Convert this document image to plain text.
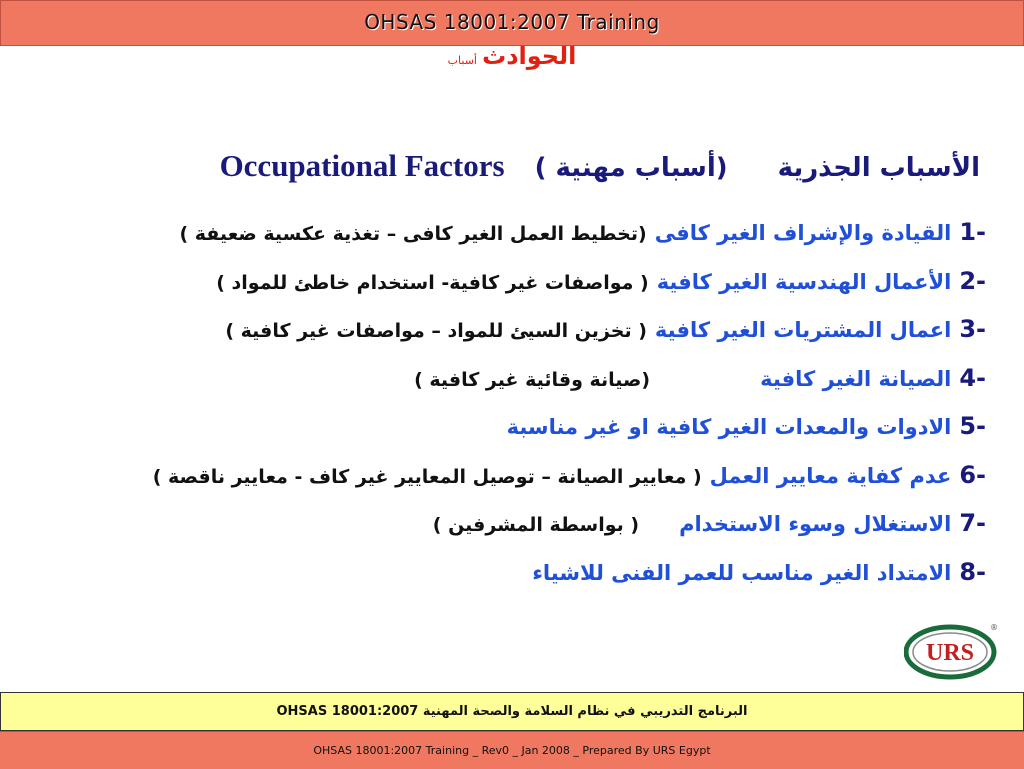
OHSAS 18001:2007 Training
الحوادث أسباب
الأسباب الجذرية
(أسباب مهنية )
Occupational Factors
-1القيادة والإشراف الغير كافى(تخطيط العمل الغير كافى – تغذية عكسية ضعيفة )
-2الأعمال الهندسية الغير كافية( مواصفات غير كافية- استخدام خاطئ للمواد )
-3اعمال المشتريات الغير كافية( تخزين السيئ للمواد – مواصفات غير كافية )
-4الصيانة الغير كافية(صيانة وقائية غير كافية )
-5الادوات والمعدات الغير كافية او غير مناسبة
-6عدم كفاية معايير العمل( معايير الصيانة – توصيل المعايير غير كاف - معايير ناقصة )
-7الاستغلال وسوء الاستخدام( بواسطة المشرفين )
-8الامتداد الغير مناسب للعمر الفنى للاشياء
URS
®
البرنامج التدريبي في نظام السلامة والصحة المهنية OHSAS 18001:2007
OHSAS 18001:2007 Training _ Rev0 _ Jan 2008 _ Prepared By URS Egypt
